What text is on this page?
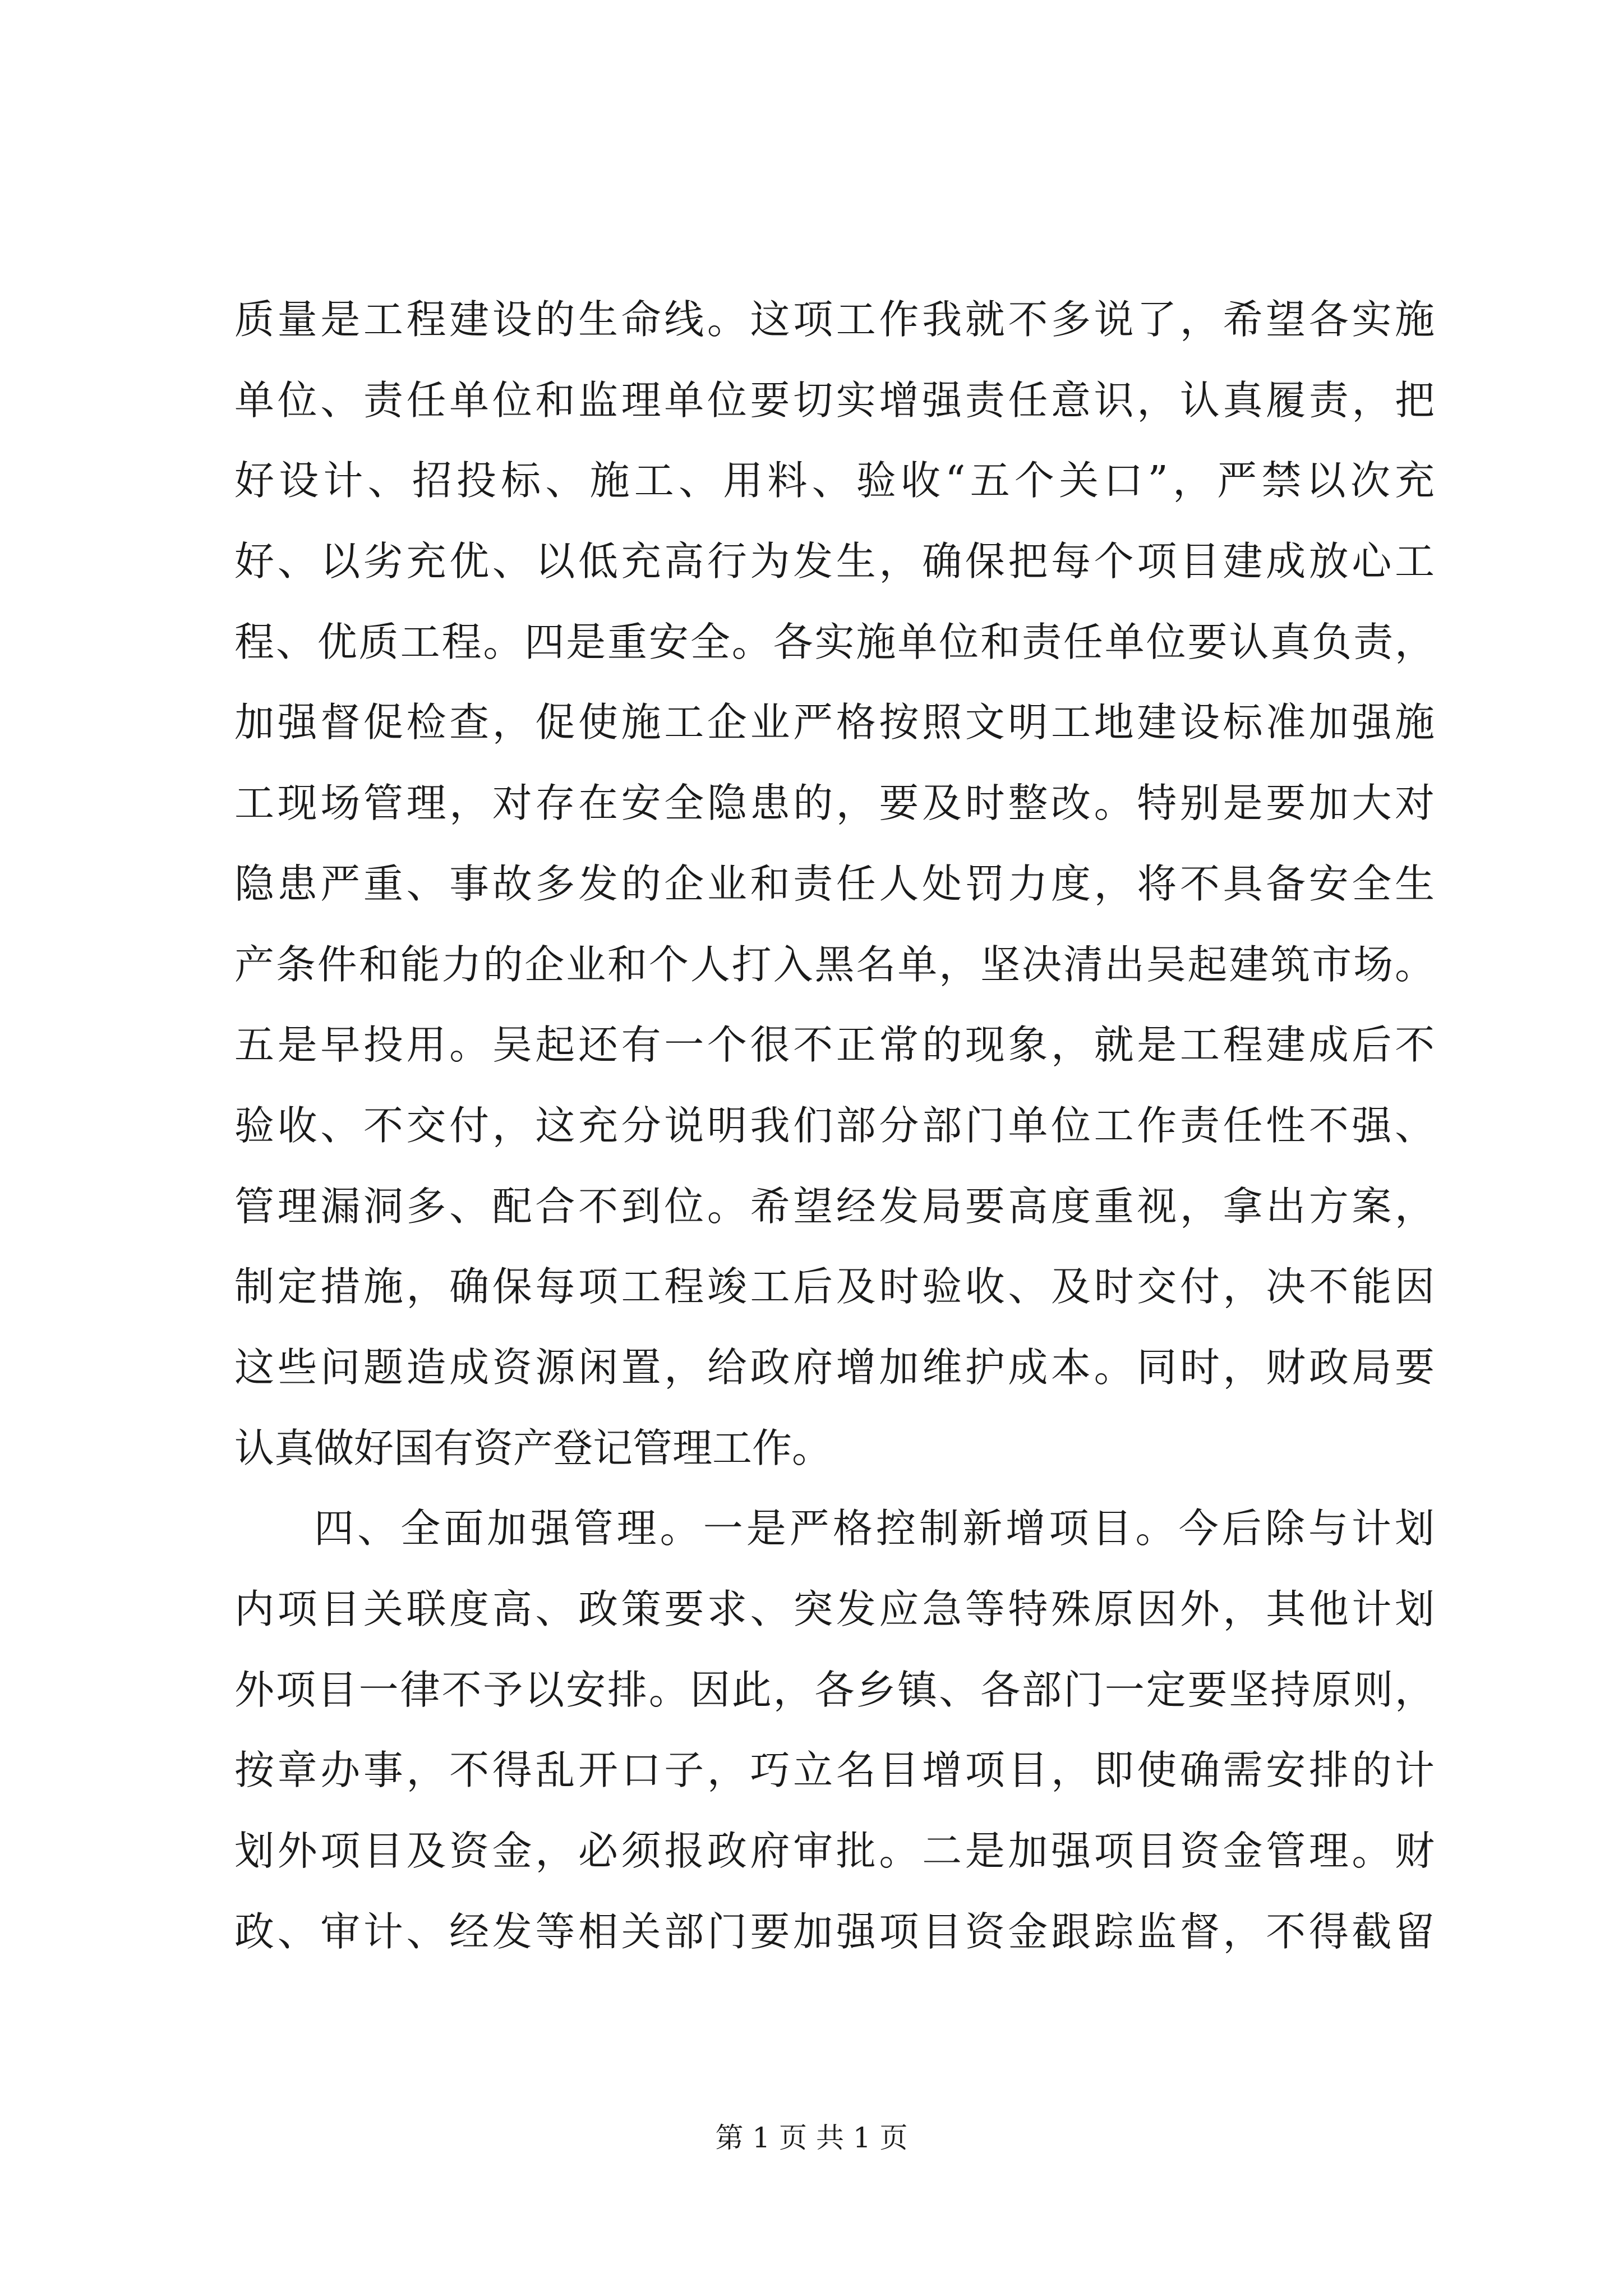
质量是工程建设的生命线。这项工作我就不多说了，希望各实施
单位、责任单位和监理单位要切实增强责任意识，认真履责，把
好设计、招投标、施工、用料、验收“五个关口”，严禁以次充
好、以劣充优、以低充高行为发生，确保把每个项目建成放心工
程、优质工程。四是重安全。各实施单位和责任单位要认真负责，
加强督促检查，促使施工企业严格按照文明工地建设标准加强施
工现场管理，对存在安全隐患的，要及时整改。特别是要加大对
隐患严重、事故多发的企业和责任人处罚力度，将不具备安全生
产条件和能力的企业和个人打入黑名单，坚决清出吴起建筑市场。
五是早投用。吴起还有一个很不正常的现象，就是工程建成后不
验收、不交付，这充分说明我们部分部门单位工作责任性不强、
管理漏洞多、配合不到位。希望经发局要高度重视，拿出方案，
制定措施，确保每项工程竣工后及时验收、及时交付，决不能因
这些问题造成资源闲置，给政府增加维护成本。同时，财政局要
认真做好国有资产登记管理工作。
四、全面加强管理。一是严格控制新增项目。今后除与计划
内项目关联度高、政策要求、突发应急等特殊原因外，其他计划
外项目一律不予以安排。因此，各乡镇、各部门一定要坚持原则，
按章办事，不得乱开口子，巧立名目增项目，即使确需安排的计
划外项目及资金，必须报政府审批。二是加强项目资金管理。财
政、审计、经发等相关部门要加强项目资金跟踪监督，不得截留
第 1 页 共 1 页
